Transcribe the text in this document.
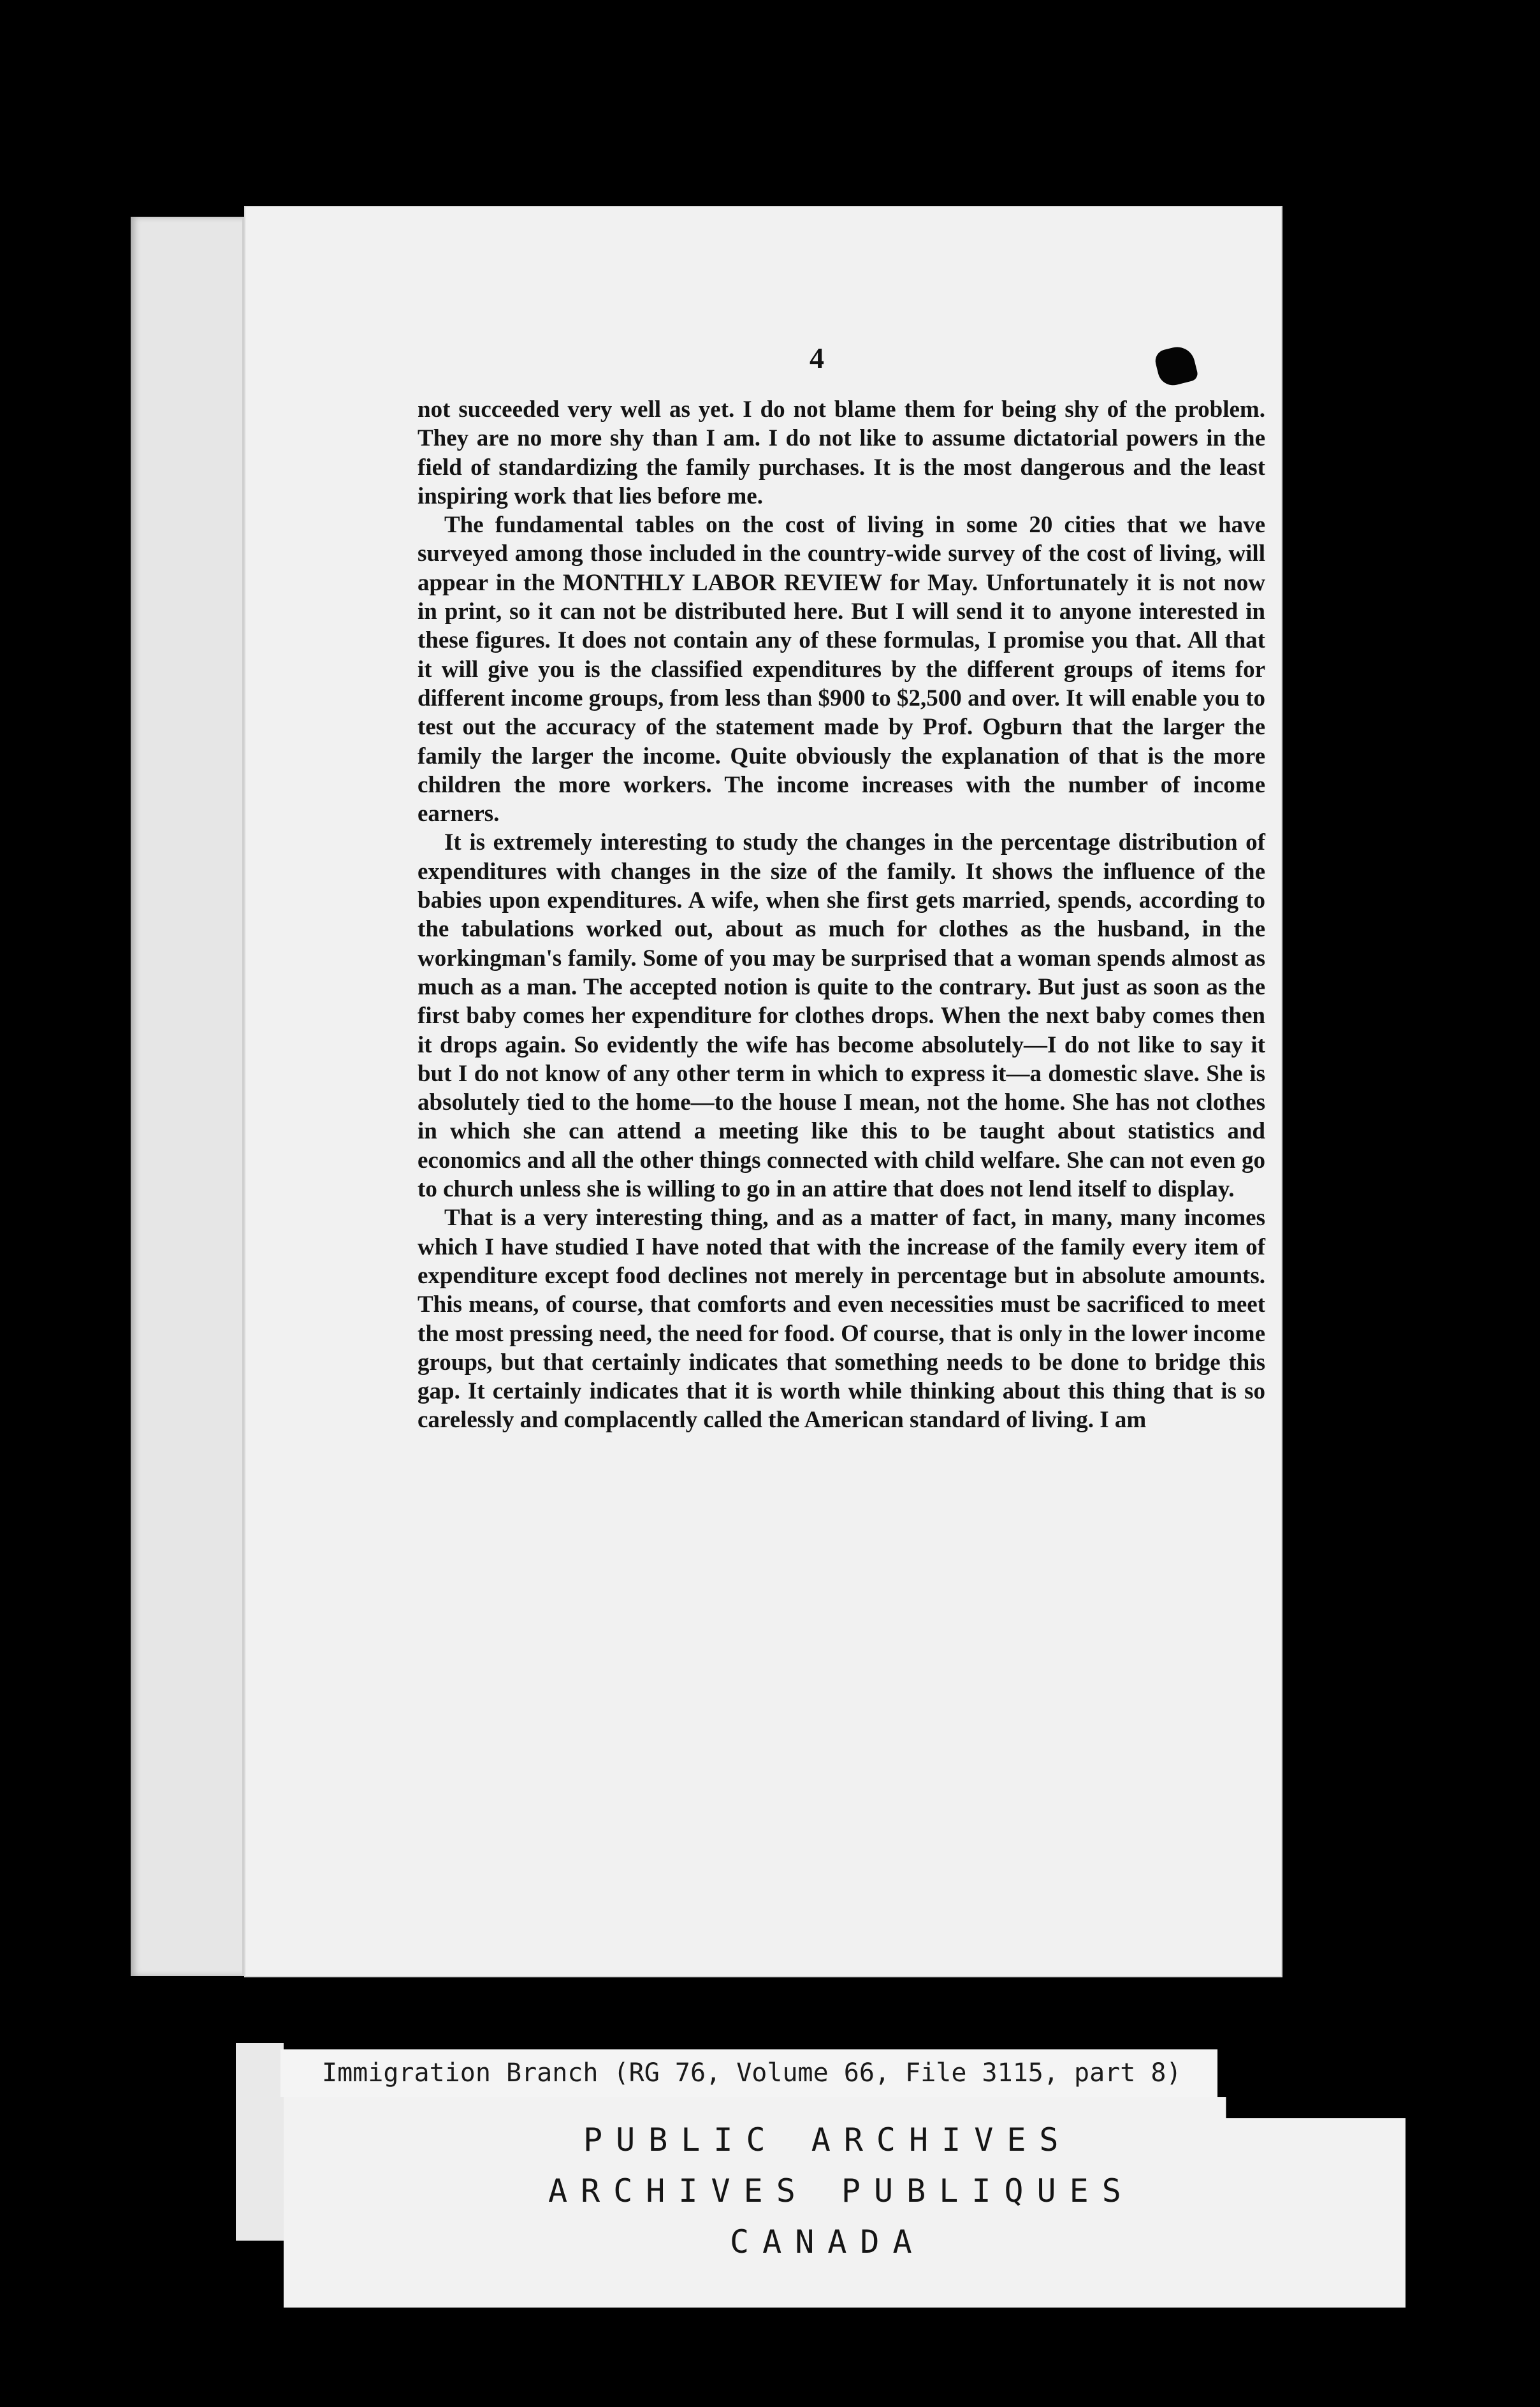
4

not succeeded very well as yet. I do not blame them for being shy of the problem. They are no more shy than I am. I do not like to assume dictatorial powers in the field of standardizing the family purchases. It is the most dangerous and the least inspiring work that lies before me.

The fundamental tables on the cost of living in some 20 cities that we have surveyed among those included in the country-wide survey of the cost of living, will appear in the MONTHLY LABOR REVIEW for May. Unfortunately it is not now in print, so it can not be distributed here. But I will send it to anyone interested in these figures. It does not contain any of these formulas, I promise you that. All that it will give you is the classified expenditures by the different groups of items for different income groups, from less than $900 to $2,500 and over. It will enable you to test out the accuracy of the statement made by Prof. Ogburn that the larger the family the larger the income. Quite obviously the explanation of that is the more children the more workers. The income increases with the number of income earners.

It is extremely interesting to study the changes in the percentage distribution of expenditures with changes in the size of the family. It shows the influence of the babies upon expenditures. A wife, when she first gets married, spends, according to the tabulations worked out, about as much for clothes as the husband, in the workingman's family. Some of you may be surprised that a woman spends almost as much as a man. The accepted notion is quite to the contrary. But just as soon as the first baby comes her expenditure for clothes drops. When the next baby comes then it drops again. So evidently the wife has become absolutely—I do not like to say it but I do not know of any other term in which to express it—a domestic slave. She is absolutely tied to the home—to the house I mean, not the home. She has not clothes in which she can attend a meeting like this to be taught about statistics and economics and all the other things connected with child welfare. She can not even go to church unless she is willing to go in an attire that does not lend itself to display.

That is a very interesting thing, and as a matter of fact, in many, many incomes which I have studied I have noted that with the increase of the family every item of expenditure except food declines not merely in percentage but in absolute amounts. This means, of course, that comforts and even necessities must be sacrificed to meet the most pressing need, the need for food. Of course, that is only in the lower income groups, but that certainly indicates that something needs to be done to bridge this gap. It certainly indicates that it is worth while thinking about this thing that is so carelessly and complacently called the American standard of living. I am

Immigration Branch (RG 76, Volume 66, File 3115, part 8)
PUBLIC ARCHIVES
ARCHIVES PUBLIQUES
CANADA
